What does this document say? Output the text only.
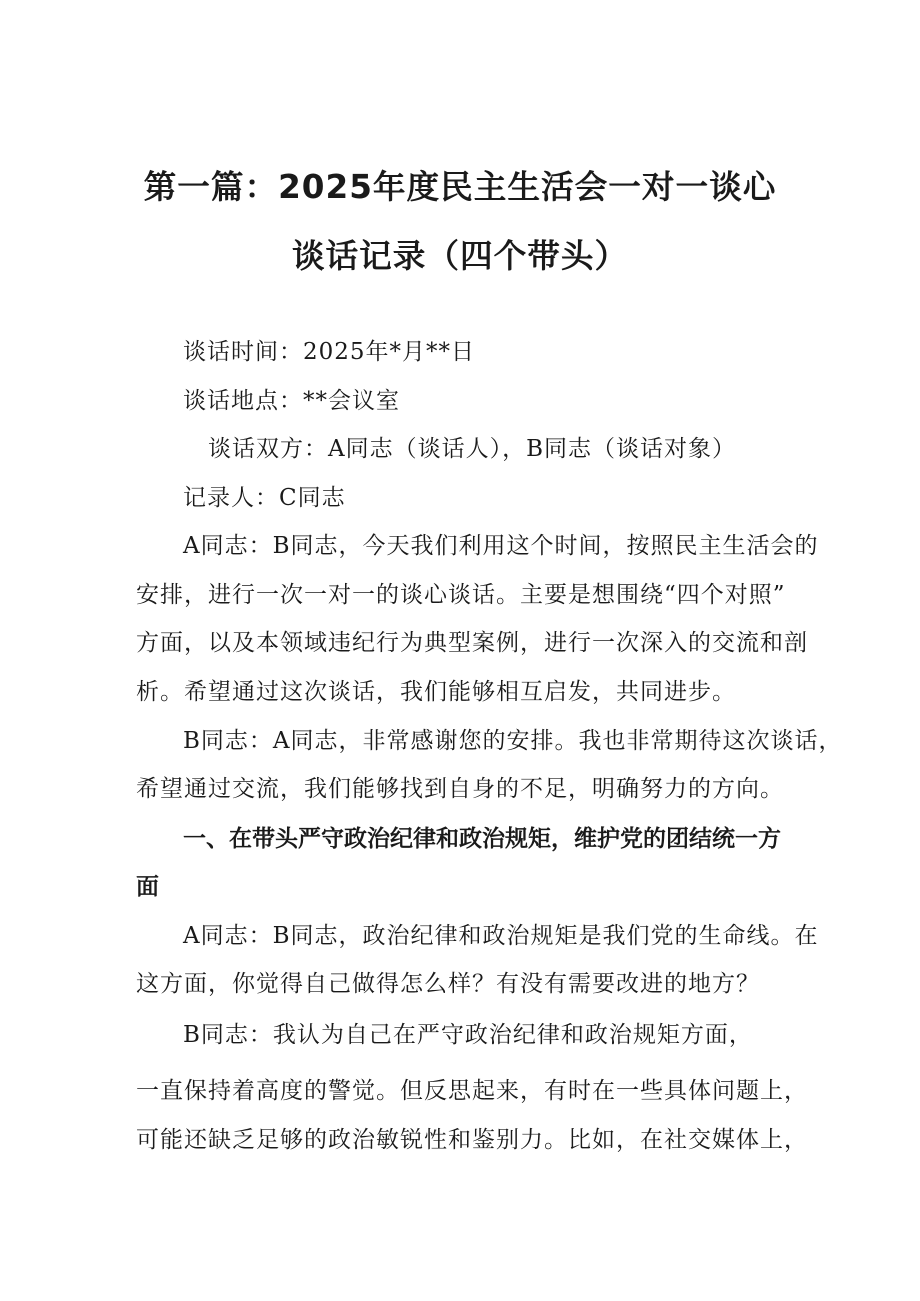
第一篇：2025年度民主生活会一对一谈心
谈话记录（四个带头）
谈话时间：2025年*月**日
谈话地点：**会议室
谈话双方：A同志（谈话人），B同志（谈话对象）
记录人：C同志
A同志：B同志，今天我们利用这个时间，按照民主生活会的
安排，进行一次一对一的谈心谈话。主要是想围绕“四个对照”
方面，以及本领域违纪行为典型案例，进行一次深入的交流和剖
析。希望通过这次谈话，我们能够相互启发，共同进步。
B同志：A同志，非常感谢您的安排。我也非常期待这次谈话，
希望通过交流，我们能够找到自身的不足，明确努力的方向。
一、在带头严守政治纪律和政治规矩，维护党的团结统一方
面
A同志：B同志，政治纪律和政治规矩是我们党的生命线。在
这方面，你觉得自己做得怎么样？有没有需要改进的地方？
B同志：我认为自己在严守政治纪律和政治规矩方面，
一直保持着高度的警觉。但反思起来，有时在一些具体问题上，
可能还缺乏足够的政治敏锐性和鉴别力。比如，在社交媒体上，
